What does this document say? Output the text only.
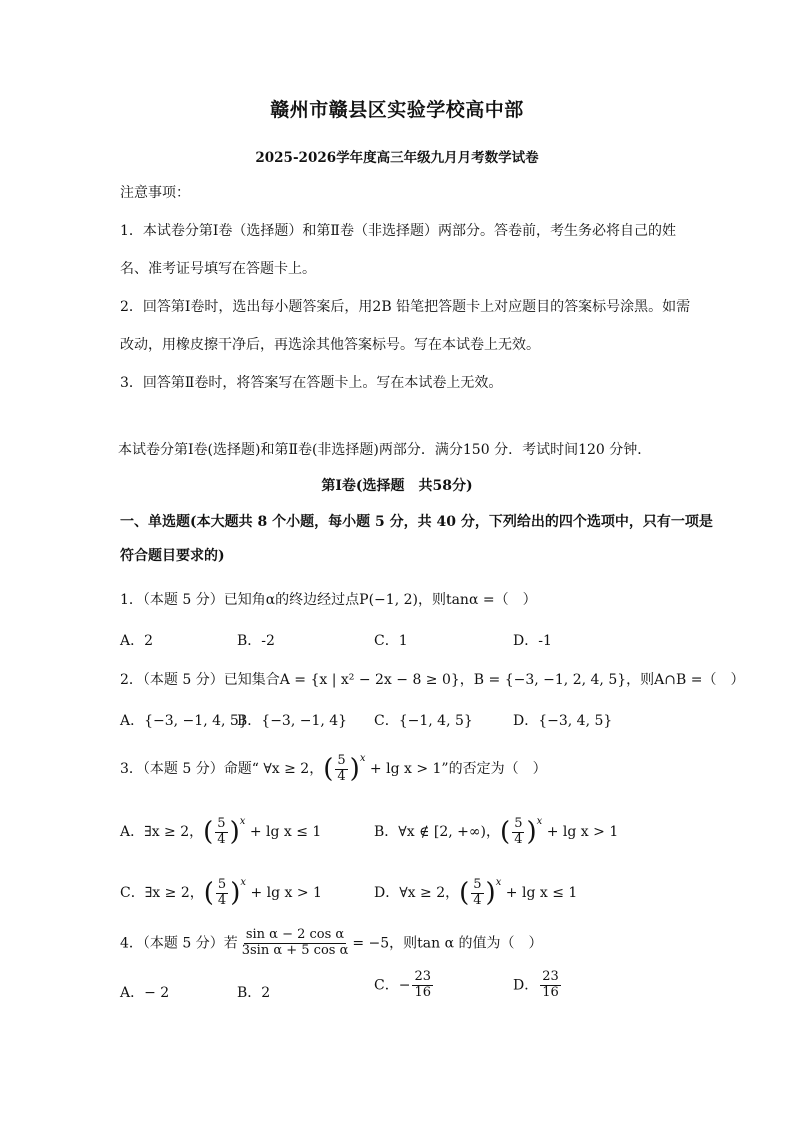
赣州市赣县区实验学校高中部
2025-2026学年度高三年级九月月考数学试卷
注意事项：
1．本试卷分第Ⅰ卷（选择题）和第Ⅱ卷（非选择题）两部分。答卷前，考生务必将自己的姓
名、准考证号填写在答题卡上。
2．回答第Ⅰ卷时，选出每小题答案后，用2B 铅笔把答题卡上对应题目的答案标号涂黑。如需
改动，用橡皮擦干净后，再选涂其他答案标号。写在本试卷上无效。
3．回答第Ⅱ卷时，将答案写在答题卡上。写在本试卷上无效。
本试卷分第Ⅰ卷(选择题)和第Ⅱ卷(非选择题)两部分．满分150 分．考试时间120 分钟．
第Ⅰ卷(选择题　共58分)
一、单选题(本大题共 8 个小题，每小题 5 分，共 40 分，下列给出的四个选项中，只有一项是
符合题目要求的)
1．（本题 5 分）已知角α的终边经过点P(−1, 2)，则tanα =（　）
A．2	B．-2	C．1	D．-1
2．（本题 5 分）已知集合A = {x | x² − 2x − 8 ≥ 0}，B = {−3, −1, 2, 4, 5}，则A∩B =（　）
A．{−3, −1, 4, 5}
B．{−3, −1, 4} C．{−1, 4, 5}	D．{−3, 4, 5}
3．（本题 5 分）命题“ ∀x ≥ 2，( $\frac{5}{4} )^x + \lg x > 1$”的否定为（　）
A．∃x ≥ 2，( $\frac{5}{4} )^x + \lg x \le 1$	B．∀x ∉ [2, +∞)，( $\frac{5}{4} )^x + \lg x > 1$
C．∃x ≥ 2，( $\frac{5}{4} )^x + \lg x > 1$	D．∀x ≥ 2，( $\frac{5}{4} )^x + \lg x \le 1$
4．（本题 5 分）若 $\frac{\text{sin α − 2 cos α}}{\text{3sin α + 5 cos α}} = -5$，则tan α 的值为（　）
A．− 2	B．2	C．− $\frac{23}{16}$	D． $\frac{23}{16}$
